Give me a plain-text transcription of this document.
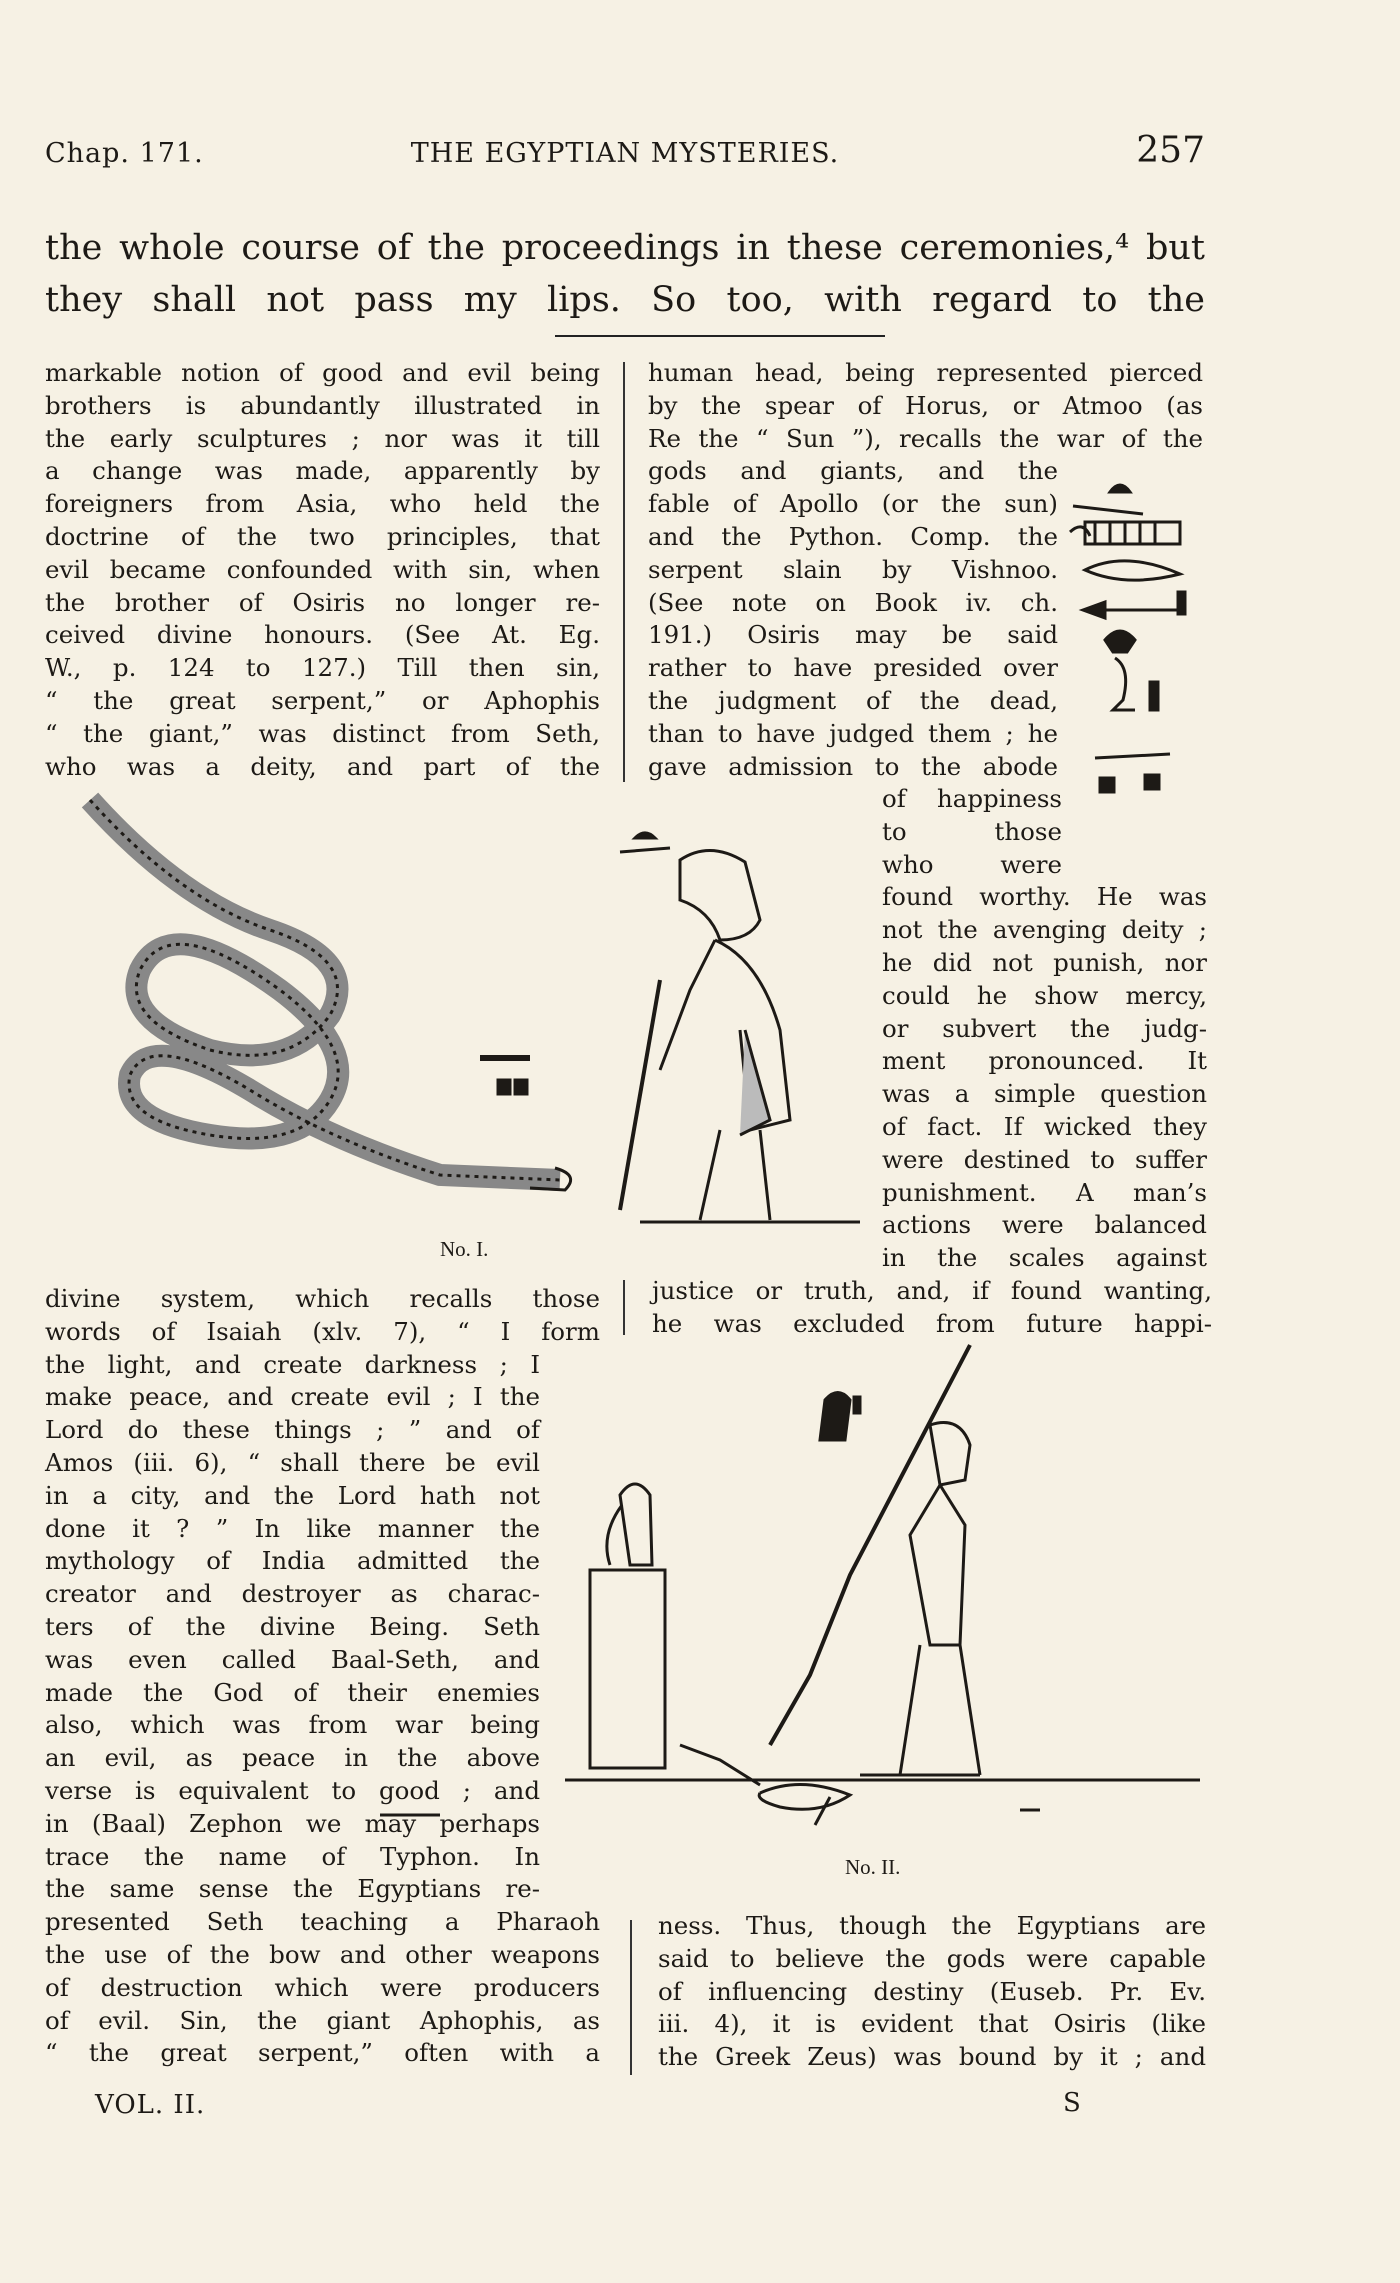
Chap. 171.	THE EGYPTIAN MYSTERIES.	257
the whole course of the proceedings in these ceremonies,⁴ but
they shall not pass my lips. So too, with regard to the
markable notion of good and evil being
brothers is abundantly illustrated in
the early sculptures ; nor was it till
a change was made, apparently by
foreigners from Asia, who held the
doctrine of the two principles, that
evil became confounded with sin, when
the brother of Osiris no longer re-
ceived divine honours. (See At. Eg.
W., p. 124 to 127.) Till then sin,
“ the great serpent,” or Aphophis
“ the giant,” was distinct from Seth,
who was a deity, and part of the
gods and giants, and the
fable of Apollo (or the sun)
and the Python. Comp. the
serpent slain by Vishnoo.
(See note on Book iv. ch.
191.) Osiris may be said
rather to have presided over
the judgment of the dead,
than to have judged them ; he
gave admission to the abode
human head, being represented pierced
by the spear of Horus, or Atmoo (as
Re the “ Sun ”), recalls the war of the
of happiness
to those
who were
found worthy. He was
not the avenging deity ;
he did not punish, nor
could he show mercy,
or subvert the judg-
ment pronounced. It
was a simple question
of fact. If wicked they
were destined to suffer
punishment. A man’s
actions were balanced
in the scales against
No. I.
divine system, which recalls those
words of Isaiah (xlv. 7), “ I form
the light, and create darkness ; I
make peace, and create evil ; I the
Lord do these things ; ” and of
Amos (iii. 6), “ shall there be evil
in a city, and the Lord hath not
done it ? ” In like manner the
mythology of India admitted the
creator and destroyer as charac-
ters of the divine Being. Seth
was even called Baal-Seth, and
made the God of their enemies
also, which was from war being
an evil, as peace in the above
verse is equivalent to good ; and
in (Baal) Zephon we may perhaps
trace the name of Typhon. In
the same sense the Egyptians re-
presented Seth teaching a Pharaoh
the use of the bow and other weapons
of destruction which were producers
of evil. Sin, the giant Aphophis, as
“ the great serpent,” often with a
justice or truth, and, if found wanting,
he was excluded from future happi-
No. II.
ness. Thus, though the Egyptians are
said to believe the gods were capable
of influencing destiny (Euseb. Pr. Ev.
iii. 4), it is evident that Osiris (like
the Greek Zeus) was bound by it ; and
VOL. II.	S
